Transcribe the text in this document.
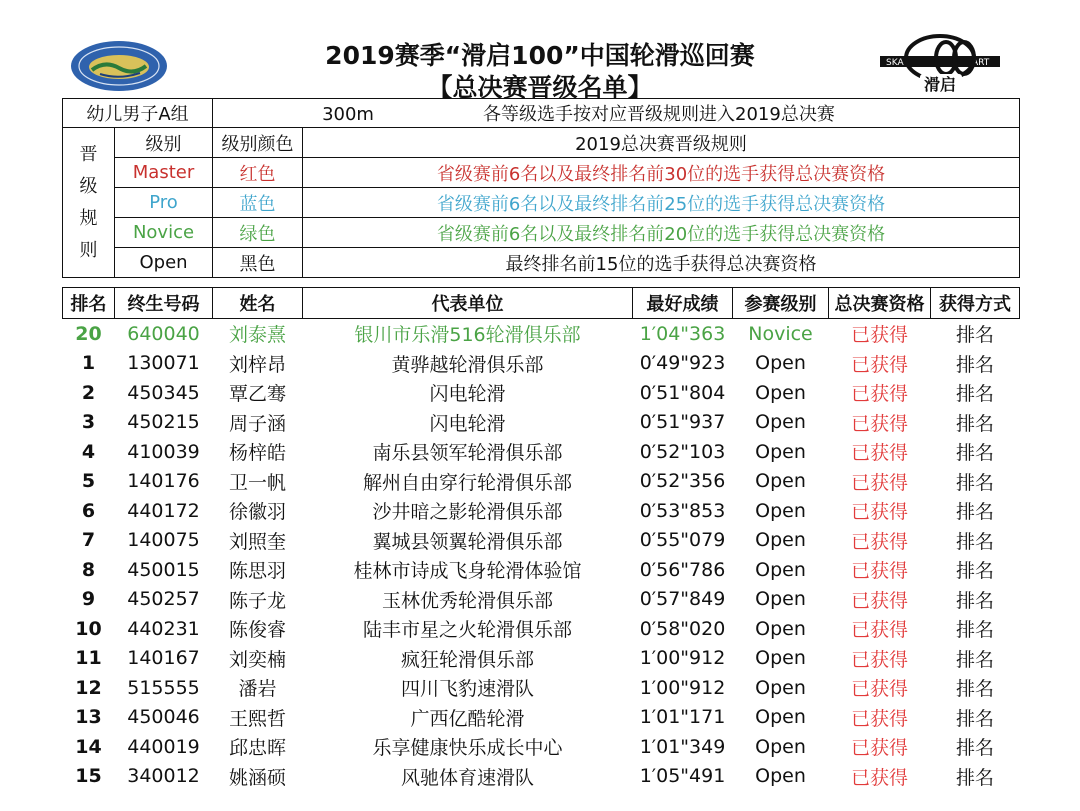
SKA	ART
滑启
2019赛季“滑启100”中国轮滑巡回赛
【总决赛晋级名单】
幼儿男子A组		300m 各等级选手按对应晋级规则进入2019总决赛	

晋
级
规
则	级别	级别颜色	2019总决赛晋级规则
	Master	红色	省级赛前6名以及最终排名前30位的选手获得总决赛资格
	Pro	蓝色	省级赛前6名以及最终排名前25位的选手获得总决赛资格
	Novice	绿色	省级赛前6名以及最终排名前20位的选手获得总决赛资格
	Open	黑色	最终排名前15位的选手获得总决赛资格
排名	终生号码	姓名	代表单位	最好成绩	参赛级别	总决赛资格	获得方式
20	640040	刘泰熹	银川市乐滑516轮滑俱乐部	1′04"363	Novice	已获得	排名
1	130071	刘梓昂	黄骅越轮滑俱乐部	0′49"923	Open	已获得	排名
2	450345	覃乙骞	闪电轮滑	0′51"804	Open	已获得	排名
3	450215	周子涵	闪电轮滑	0′51"937	Open	已获得	排名
4	410039	杨梓皓	南乐县领军轮滑俱乐部	0′52"103	Open	已获得	排名
5	140176	卫一帆	解州自由穿行轮滑俱乐部	0′52"356	Open	已获得	排名
6	440172	徐徽羽	沙井暗之影轮滑俱乐部	0′53"853	Open	已获得	排名
7	140075	刘照奎	翼城县领翼轮滑俱乐部	0′55"079	Open	已获得	排名
8	450015	陈思羽	桂林市诗成飞身轮滑体验馆	0′56"786	Open	已获得	排名
9	450257	陈子龙	玉林优秀轮滑俱乐部	0′57"849	Open	已获得	排名
10	440231	陈俊睿	陆丰市星之火轮滑俱乐部	0′58"020	Open	已获得	排名
11	140167	刘奕楠	疯狂轮滑俱乐部	1′00"912	Open	已获得	排名
12	515555	潘岩	四川飞豹速滑队	1′00"912	Open	已获得	排名
13	450046	王熙哲	广西亿酷轮滑	1′01"171	Open	已获得	排名
14	440019	邱忠晖	乐享健康快乐成长中心	1′01"349	Open	已获得	排名
15	340012	姚涵硕	风驰体育速滑队	1′05"491	Open	已获得	排名
